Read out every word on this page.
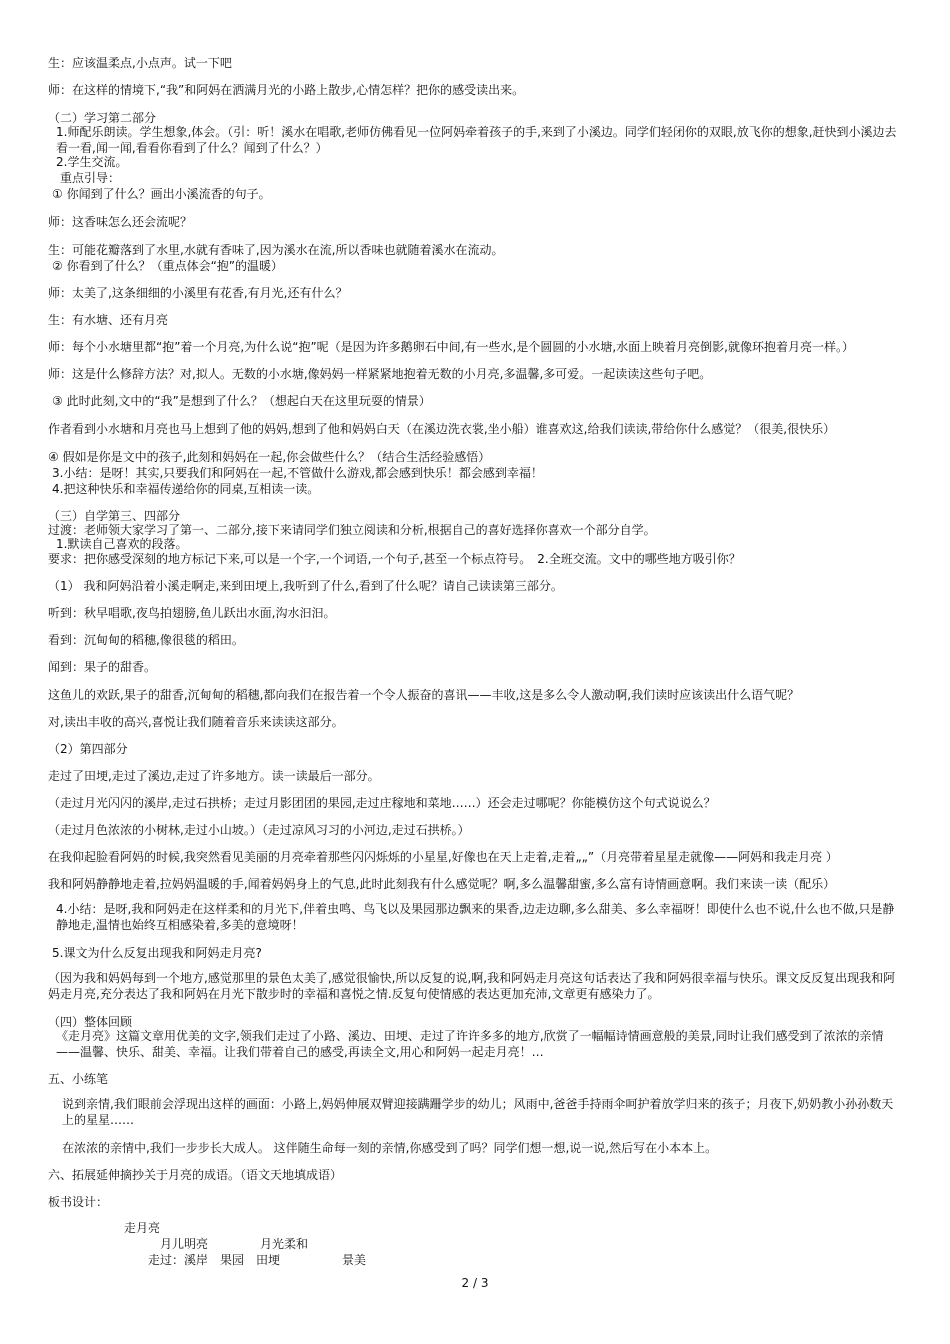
生：应该温柔点,小点声。试一下吧
师：在这样的情境下,“我”和阿妈在洒满月光的小路上散步,心情怎样？把你的感受读出来。
（二）学习第二部分
1.师配乐朗读。学生想象,体会。（引：听！溪水在唱歌,老师仿佛看见一位阿妈牵着孩子的手,来到了小溪边。同学们轻闭你的双眼,放飞你的想象,赶快到小溪边去看一看,闻一闻,看看你看到了什么？闻到了什么？）
2.学生交流。
重点引导：
① 你闻到了什么？画出小溪流香的句子。
师：这香味怎么还会流呢？
生：可能花瓣落到了水里,水就有香味了,因为溪水在流,所以香味也就随着溪水在流动。
② 你看到了什么？（重点体会“抱”的温暖）
师：太美了,这条细细的小溪里有花香,有月光,还有什么？
生：有水塘、还有月亮
师：每个小水塘里都“抱”着一个月亮,为什么说“抱”呢（是因为许多鹅卵石中间,有一些水,是个圆圆的小水塘,水面上映着月亮倒影,就像环抱着月亮一样。）
师：这是什么修辞方法？对,拟人。无数的小水塘,像妈妈一样紧紧地抱着无数的小月亮,多温馨,多可爱。一起读读这些句子吧。
③ 此时此刻,文中的“我”是想到了什么？（想起白天在这里玩耍的情景）
作者看到小水塘和月亮也马上想到了他的妈妈,想到了他和妈妈白天（在溪边洗衣裳,坐小船）谁喜欢这,给我们读读,带给你什么感觉？（很美,很快乐）
④ 假如是你是文中的孩子,此刻和妈妈在一起,你会做些什么？（结合生活经验感悟）
3.小结：是呀！其实,只要我们和阿妈在一起,不管做什么游戏,都会感到快乐！都会感到幸福！
4.把这种快乐和幸福传递给你的同桌,互相读一读。
（三）自学第三、四部分
过渡：老师领大家学习了第一、二部分,接下来请同学们独立阅读和分析,根据自己的喜好选择你喜欢一个部分自学。
1.默读自己喜欢的段落。
要求：把你感受深刻的地方标记下来,可以是一个字,一个词语,一个句子,甚至一个标点符号。　2.全班交流。文中的哪些地方吸引你？
（1） 我和阿妈沿着小溪走啊走,来到田埂上,我听到了什么,看到了什么呢？请自己读读第三部分。
听到：秋早唱歌,夜鸟拍翅膀,鱼儿跃出水面,沟水汩汩。
看到：沉甸甸的稻穗,像很毯的稻田。
闻到：果子的甜香。
这鱼儿的欢跃,果子的甜香,沉甸甸的稻穗,都向我们在报告着一个令人振奋的喜讯——丰收,这是多么令人激动啊,我们读时应该读出什么语气呢？
对,读出丰收的高兴,喜悦让我们随着音乐来读读这部分。
（2）第四部分
走过了田埂,走过了溪边,走过了许多地方。读一读最后一部分。
（走过月光闪闪的溪岸,走过石拱桥；走过月影团团的果园,走过庄稼地和菜地……）还会走过哪呢？你能模仿这个句式说说么？
（走过月色浓浓的小树林,走过小山坡。）（走过凉风习习的小河边,走过石拱桥。）
在我仰起脸看阿妈的时候,我突然看见美丽的月亮牵着那些闪闪烁烁的小星星,好像也在天上走着,走着„„”（月亮带着星星走就像——阿妈和我走月亮 ）
我和阿妈静静地走着,拉妈妈温暖的手,闻着妈妈身上的气息,此时此刻我有什么感觉呢？啊,多么温馨甜蜜,多么富有诗情画意啊。我们来读一读（配乐）
4.小结：是呀,我和阿妈走在这样柔和的月光下,伴着虫鸣、鸟飞以及果园那边飘来的果香,边走边聊,多么甜美、多么幸福呀！即使什么也不说,什么也不做,只是静静地走,温情也始终互相感染着,多美的意境呀！
5.课文为什么反复出现我和阿妈走月亮?
（因为我和妈妈每到一个地方,感觉那里的景色太美了,感觉很愉快,所以反复的说,啊,我和阿妈走月亮这句话表达了我和阿妈很幸福与快乐。课文反反复出现我和阿妈走月亮,充分表达了我和阿妈在月光下散步时的幸福和喜悦之情.反复句使情感的表达更加充沛,文章更有感染力了。
（四）整体回顾
《走月亮》这篇文章用优美的文字,领我们走过了小路、溪边、田埂、走过了许许多多的地方,欣赏了一幅幅诗情画意般的美景,同时让我们感受到了浓浓的亲情——温馨、快乐、甜美、幸福。让我们带着自己的感受,再读全文,用心和阿妈一起走月亮！…
五、小练笔
说到亲情,我们眼前会浮现出这样的画面：小路上,妈妈伸展双臂迎接蹒跚学步的幼儿；风雨中,爸爸手持雨伞呵护着放学归来的孩子；月夜下,奶奶教小孙孙数天上的星星……
在浓浓的亲情中,我们一步步长大成人。 这伴随生命每一刻的亲情,你感受到了吗？同学们想一想,说一说,然后写在小本本上。
六、拓展延伸摘抄关于月亮的成语。（语文天地填成语）
板书设计：
走月亮
月儿明亮	月光柔和
走过：溪岸　果园　田埂	景美
2 / 3
